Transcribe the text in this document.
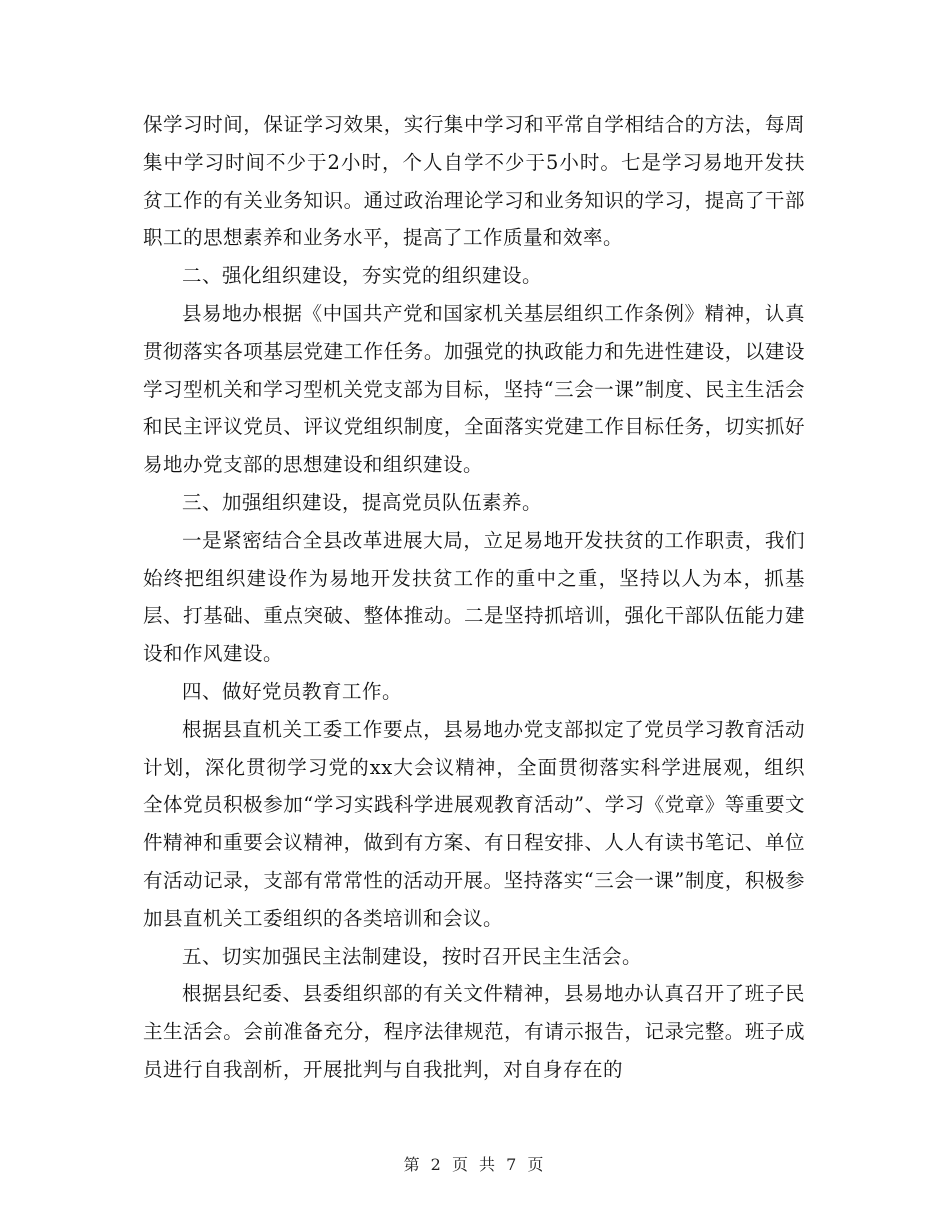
保学习时间，保证学习效果，实行集中学习和平常自学相结合的方法，每周集中学习时间不少于2小时，个人自学不少于5小时。七是学习易地开发扶贫工作的有关业务知识。通过政治理论学习和业务知识的学习，提高了干部职工的思想素养和业务水平，提高了工作质量和效率。

二、强化组织建设，夯实党的组织建设。

县易地办根据《中国共产党和国家机关基层组织工作条例》精神，认真贯彻落实各项基层党建工作任务。加强党的执政能力和先进性建设，以建设学习型机关和学习型机关党支部为目标，坚持“三会一课”制度、民主生活会和民主评议党员、评议党组织制度，全面落实党建工作目标任务，切实抓好易地办党支部的思想建设和组织建设。

三、加强组织建设，提高党员队伍素养。

一是紧密结合全县改革进展大局，立足易地开发扶贫的工作职责，我们始终把组织建设作为易地开发扶贫工作的重中之重，坚持以人为本，抓基层、打基础、重点突破、整体推动。二是坚持抓培训，强化干部队伍能力建设和作风建设。

四、做好党员教育工作。

根据县直机关工委工作要点，县易地办党支部拟定了党员学习教育活动计划，深化贯彻学习党的xx大会议精神，全面贯彻落实科学进展观，组织全体党员积极参加“学习实践科学进展观教育活动”、学习《党章》等重要文件精神和重要会议精神，做到有方案、有日程安排、人人有读书笔记、单位有活动记录，支部有常常性的活动开展。坚持落实“三会一课”制度，积极参加县直机关工委组织的各类培训和会议。

五、切实加强民主法制建设，按时召开民主生活会。

根据县纪委、县委组织部的有关文件精神，县易地办认真召开了班子民主生活会。会前准备充分，程序法律规范，有请示报告，记录完整。班子成员进行自我剖析，开展批判与自我批判，对自身存在的

第 2 页 共 7 页
